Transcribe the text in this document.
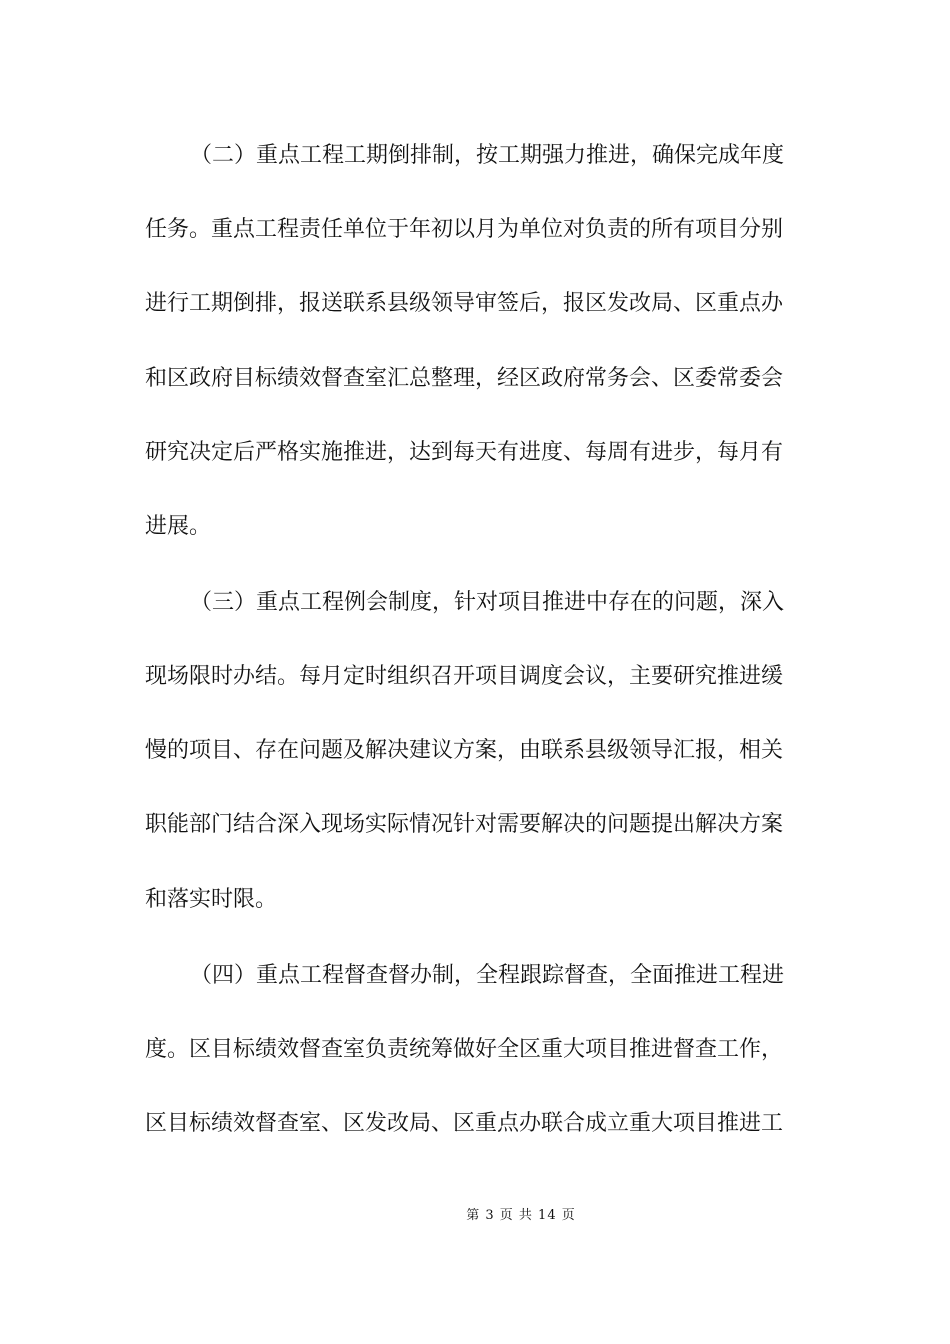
（二）重点工程工期倒排制，按工期强力推进，确保完成年度
任务。重点工程责任单位于年初以月为单位对负责的所有项目分别
进行工期倒排，报送联系县级领导审签后，报区发改局、区重点办
和区政府目标绩效督查室汇总整理，经区政府常务会、区委常委会
研究决定后严格实施推进，达到每天有进度、每周有进步，每月有
进展。
（三）重点工程例会制度，针对项目推进中存在的问题，深入
现场限时办结。每月定时组织召开项目调度会议，主要研究推进缓
慢的项目、存在问题及解决建议方案，由联系县级领导汇报，相关
职能部门结合深入现场实际情况针对需要解决的问题提出解决方案
和落实时限。
（四）重点工程督查督办制，全程跟踪督查，全面推进工程进
度。区目标绩效督查室负责统筹做好全区重大项目推进督查工作，
区目标绩效督查室、区发改局、区重点办联合成立重大项目推进工
第 3 页 共 14 页
